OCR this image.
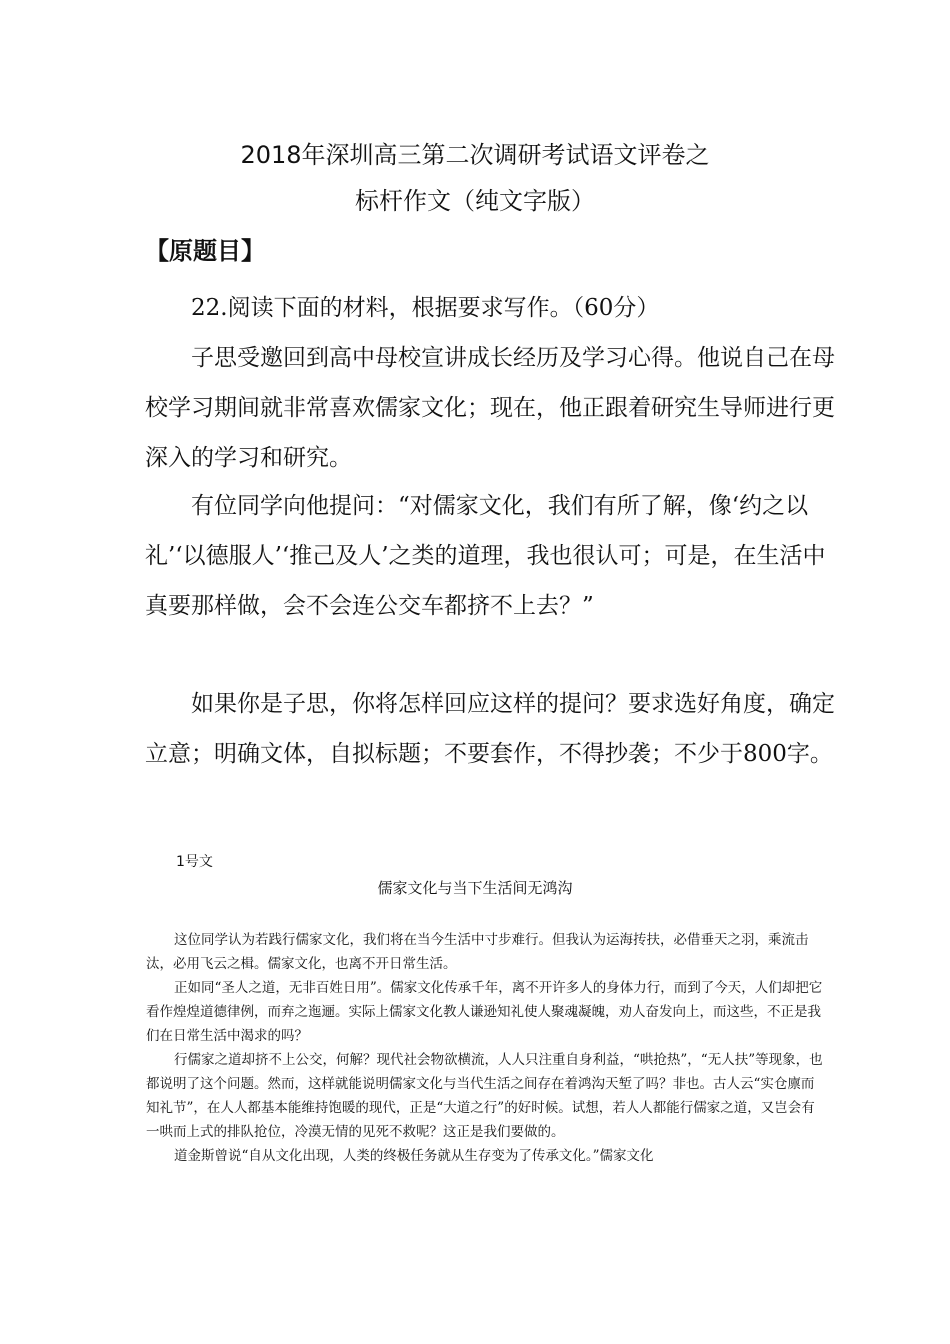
2018年深圳高三第二次调研考试语文评卷之
标杆作文（纯文字版）
【原题目】

22.阅读下面的材料，根据要求写作。（60分）

子思受邀回到高中母校宣讲成长经历及学习心得。他说自己在母校学习期间就非常喜欢儒家文化；现在，他正跟着研究生导师进行更深入的学习和研究。

有位同学向他提问：“对儒家文化，我们有所了解，像‘约之以礼’‘以德服人’‘推己及人’之类的道理，我也很认可；可是，在生活中真要那样做，会不会连公交车都挤不上去？”

如果你是子思，你将怎样回应这样的提问？要求选好角度，确定立意；明确文体，自拟标题；不要套作，不得抄袭；不少于800字。

1号文
儒家文化与当下生活间无鸿沟

这位同学认为若践行儒家文化，我们将在当今生活中寸步难行。但我认为运海抟扶，必借垂天之羽，乘流击汰，必用飞云之楫。儒家文化，也离不开日常生活。

正如同“圣人之道，无非百姓日用”。儒家文化传承千年，离不开许多人的身体力行，而到了今天，人们却把它看作煌煌道德律例，而弃之迤逦。实际上儒家文化教人谦逊知礼使人聚魂凝魄，劝人奋发向上，而这些，不正是我们在日常生活中渴求的吗？

行儒家之道却挤不上公交，何解？现代社会物欲横流，人人只注重自身利益，“哄抢热”，“无人扶”等现象，也都说明了这个问题。然而，这样就能说明儒家文化与当代生活之间存在着鸿沟天堑了吗？非也。古人云“实仓廪而知礼节”，在人人都基本能维持饱暖的现代，正是“大道之行”的好时候。试想，若人人都能行儒家之道，又岂会有一哄而上式的排队抢位，冷漠无情的见死不救呢？这正是我们要做的。

道金斯曾说“自从文化出现，人类的终极任务就从生存变为了传承文化。”儒家文化
